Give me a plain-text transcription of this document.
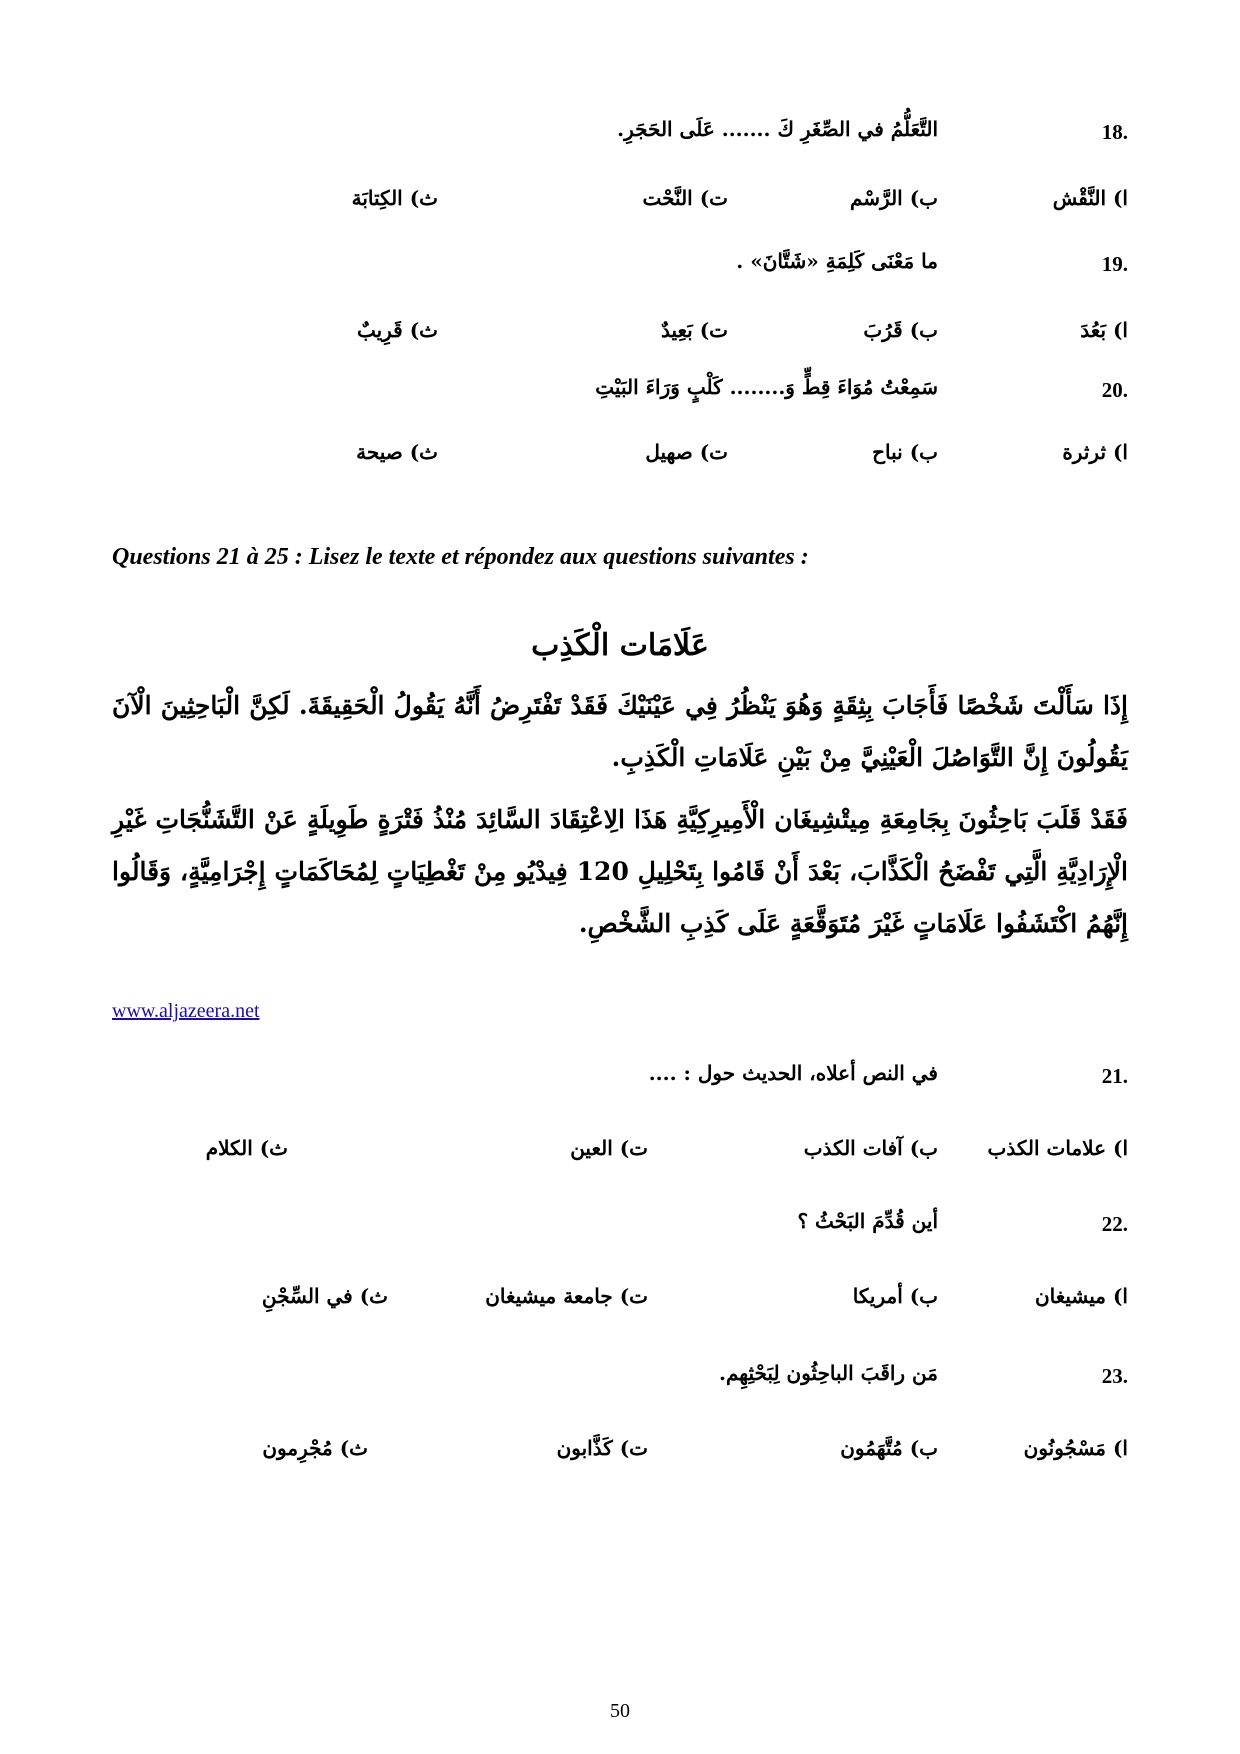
18.
التَّعَلُّمُ في الصِّغَرِ كَ ....... عَلَى الحَجَرِ.
ا) النَّقْش
ب) الرَّسْم
ت) النَّحْت
ث) الكِتابَة
19.
ما مَعْنَى كَلِمَةِ «شَتَّانَ» .
ا) بَعُدَ
ب) قَرُبَ
ت) بَعِيدٌ
ث) قَرِيبٌ
20.
سَمِعْتُ مُوَاءَ قِطٍّ وَ........ كَلْبٍ وَرَاءَ البَيْتِ
ا) ثرثرة
ب) نباح
ت) صهيل
ث) صيحة
Questions 21 à 25 : Lisez le texte et répondez aux questions suivantes :
عَلَامَات الْكَذِب
إِذَا سَأَلْتَ شَخْصًا فَأَجَابَ بِثِقَةٍ وَهُوَ يَنْظُرُ فِي عَيْنَيْكَ فَقَدْ تَفْتَرِضُ أَنَّهُ يَقُولُ الْحَقِيقَةَ. لَكِنَّ الْبَاحِثِينَ الْآنَ يَقُولُونَ إِنَّ التَّوَاصُلَ الْعَيْنِيَّ مِنْ بَيْنِ عَلَامَاتِ الْكَذِبِ.
فَقَدْ قَلَبَ بَاحِثُونَ بِجَامِعَةِ مِيتْشِيغَان الْأَمِيرِكِيَّةِ هَذَا الِاعْتِقَادَ السَّائِدَ مُنْذُ فَتْرَةٍ طَوِيلَةٍ عَنْ التَّشَنُّجَاتِ غَيْرِ الْإِرَادِيَّةِ الَّتِي تَفْضَحُ الْكَذَّابَ، بَعْدَ أَنْ قَامُوا بِتَحْلِيلِ 120 فِيدْيُو مِنْ تَغْطِيَاتٍ لِمُحَاكَمَاتٍ إِجْرَامِيَّةٍ، وَقَالُوا إِنَّهُمُ اكْتَشَفُوا عَلَامَاتٍ غَيْرَ مُتَوَقَّعَةٍ عَلَى كَذِبِ الشَّخْصِ.
www.aljazeera.net
21.
في النص أعلاه، الحديث حول : ....
ا) علامات الكذب
ب) آفات الكذب
ت) العين
ث) الكلام
22.
أين قُدِّمَ البَحْثُ ؟
ا) ميشيغان
ب) أمريكا
ت) جامعة ميشيغان
ث) في السِّجْنِ
23.
مَن راقَبَ الباحِثُون لِبَحْثِهِم.
ا) مَسْجُونُون
ب) مُتَّهَمُون
ت) كَذَّابون
ث) مُجْرِمون
50
